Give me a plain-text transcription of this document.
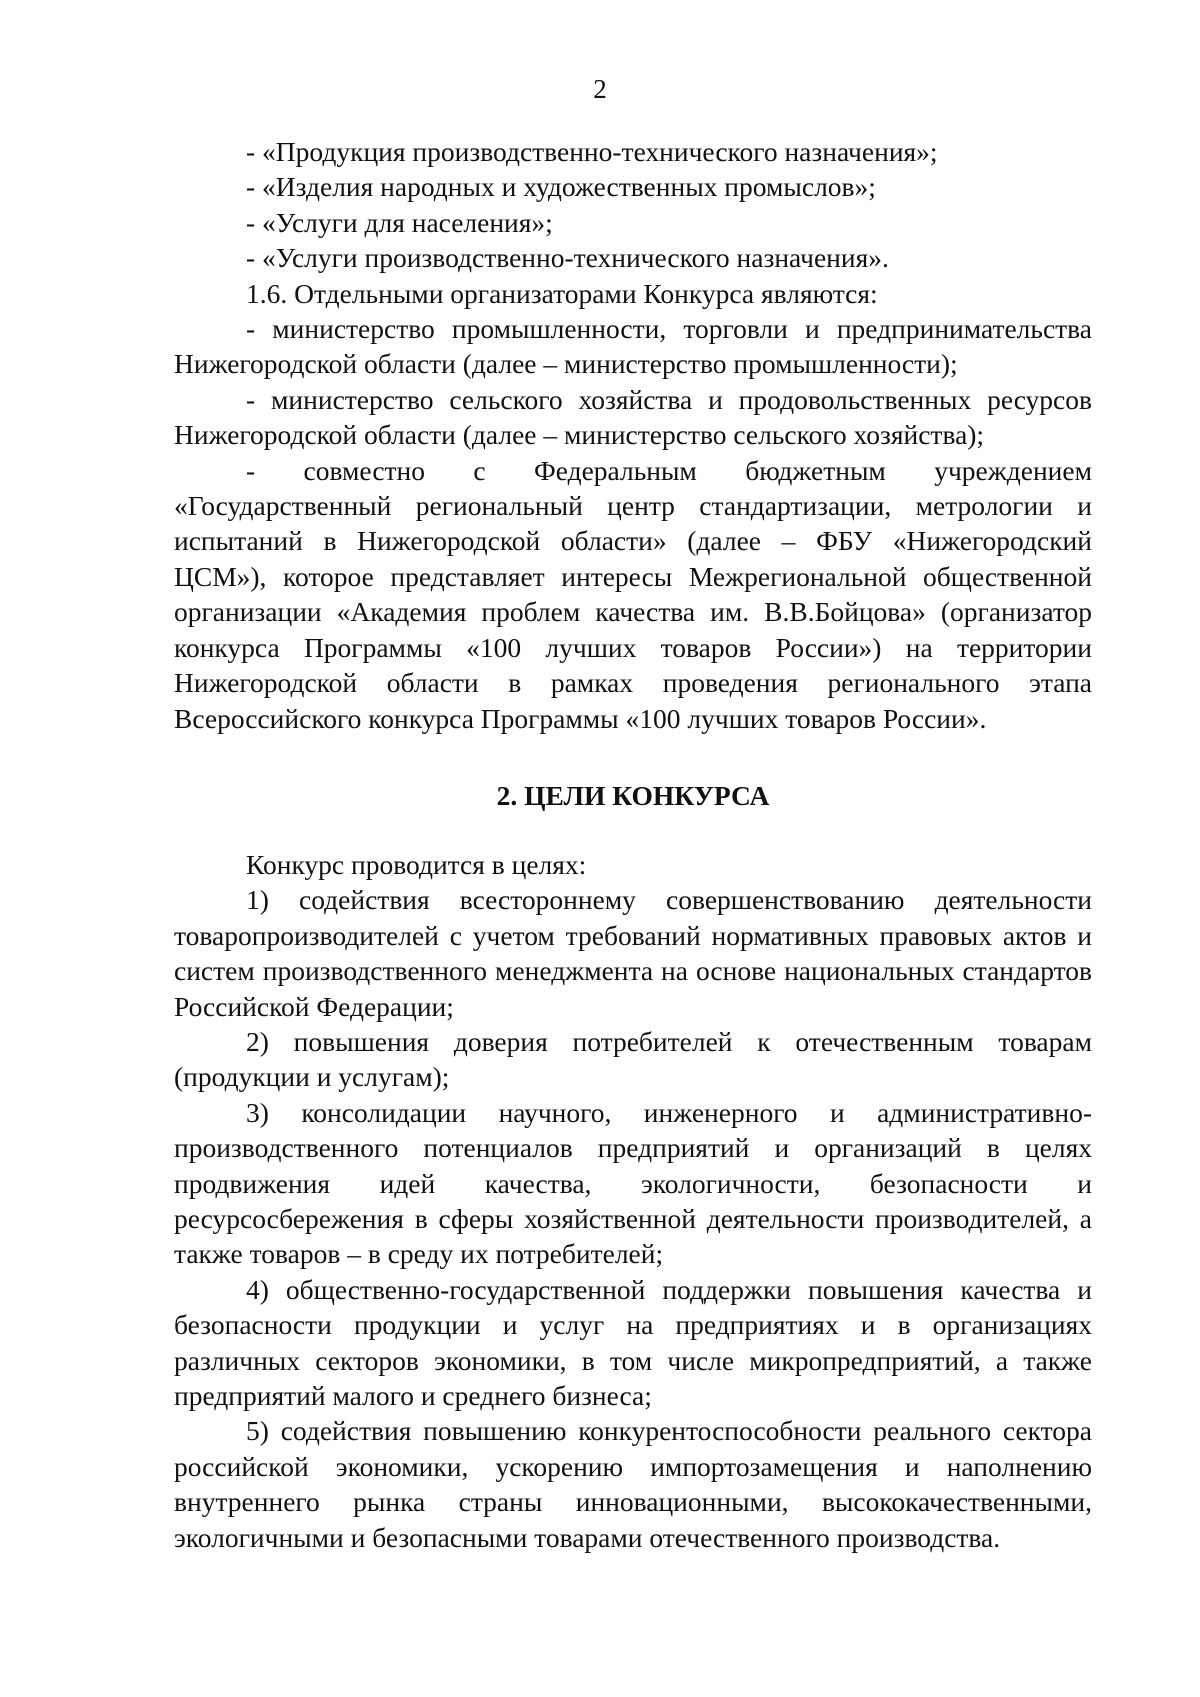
2

- «Продукция производственно-технического назначения»;

- «Изделия народных и художественных промыслов»;

- «Услуги для населения»;

- «Услуги производственно-технического назначения».

1.6. Отдельными организаторами Конкурса являются:

- министерство промышленности, торговли и предпринимательства Нижегородской области (далее – министерство промышленности);

- министерство сельского хозяйства и продовольственных ресурсов Нижегородской области (далее – министерство сельского хозяйства);

- совместно с Федеральным бюджетным учреждением «Государственный региональный центр стандартизации, метрологии и испытаний в Нижегородской области» (далее – ФБУ «Нижегородский ЦСМ»), которое представляет интересы Межрегиональной общественной организации «Академия проблем качества им. В.В.Бойцова» (организатор конкурса Программы «100 лучших товаров России») на территории Нижегородской области в рамках проведения регионального этапа Всероссийского конкурса Программы «100 лучших товаров России».

2. ЦЕЛИ КОНКУРСА

Конкурс проводится в целях:

1) содействия всестороннему совершенствованию деятельности товаропроизводителей с учетом требований нормативных правовых актов и систем производственного менеджмента на основе национальных стандартов Российской Федерации;

2) повышения доверия потребителей к отечественным товарам (продукции и услугам);

3) консолидации научного, инженерного и административно-производственного потенциалов предприятий и организаций в целях продвижения идей качества, экологичности, безопасности и ресурсосбережения в сферы хозяйственной деятельности производителей, а также товаров – в среду их потребителей;

4) общественно-государственной поддержки повышения качества и безопасности продукции и услуг на предприятиях и в организациях различных секторов экономики, в том числе микропредприятий, а также предприятий малого и среднего бизнеса;

5) содействия повышению конкурентоспособности реального сектора российской экономики, ускорению импортозамещения и наполнению внутреннего рынка страны инновационными, высококачественными, экологичными и безопасными товарами отечественного производства.
